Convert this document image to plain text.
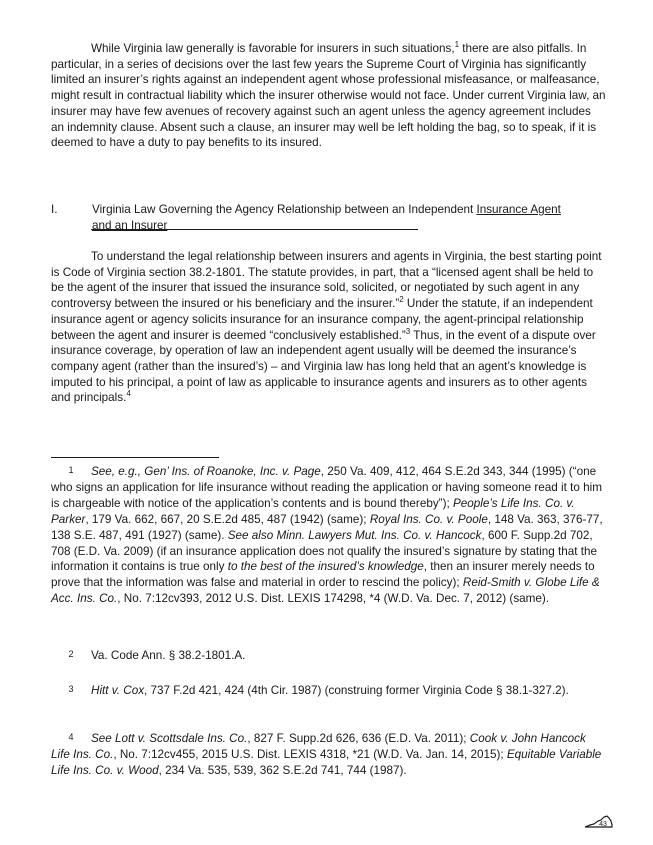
While Virginia law generally is favorable for insurers in such situations,$^1$ there are also pitfalls. In particular, in a series of decisions over the last few years the Supreme Court of Virginia has significantly limited an insurer’s rights against an independent agent whose professional misfeasance, or malfeasance, might result in contractual liability which the insurer otherwise would not face. Under current Virginia law, an insurer may have few avenues of recovery against such an agent unless the agency agreement includes an indemnity clause. Absent such a clause, an insurer may well be left holding the bag, so to speak, if it is deemed to have a duty to pay benefits to its insured.

I.	Virginia Law Governing the Agency Relationship between an Independent Insurance Agent and an Insurer

To understand the legal relationship between insurers and agents in Virginia, the best starting point is Code of Virginia section 38.2-1801. The statute provides, in part, that a “licensed agent shall be held to be the agent of the insurer that issued the insurance sold, solicited, or negotiated by such agent in any controversy between the insured or his beneficiary and the insurer.”$^2$ Under the statute, if an independent insurance agent or agency solicits insurance for an insurance company, the agent-principal relationship between the agent and insurer is deemed “conclusively established.”$^3$ Thus, in the event of a dispute over insurance coverage, by operation of law an independent agent usually will be deemed the insurance’s company agent (rather than the insured’s) – and Virginia law has long held that an agent’s knowledge is imputed to his principal, a point of law as applicable to insurance agents and insurers as to other agents and principals.$^4$

1 See, e.g., Gen’ Ins. of Roanoke, Inc. v. Page, 250 Va. 409, 412, 464 S.E.2d 343, 344 (1995) (“one who signs an application for life insurance without reading the application or having someone read it to him is chargeable with notice of the application’s contents and is bound thereby”); People’s Life Ins. Co. v. Parker, 179 Va. 662, 667, 20 S.E.2d 485, 487 (1942) (same); Royal Ins. Co. v. Poole, 148 Va. 363, 376-77, 138 S.E. 487, 491 (1927) (same). See also Minn. Lawyers Mut. Ins. Co. v. Hancock, 600 F. Supp.2d 702, 708 (E.D. Va. 2009) (if an insurance application does not qualify the insured’s signature by stating that the information it contains is true only to the best of the insured’s knowledge, then an insurer merely needs to prove that the information was false and material in order to rescind the policy); Reid-Smith v. Globe Life & Acc. Ins. Co., No. 7:12cv393, 2012 U.S. Dist. LEXIS 174298, *4 (W.D. Va. Dec. 7, 2012) (same).

2 Va. Code Ann. § 38.2-1801.A.

3 Hitt v. Cox, 737 F.2d 421, 424 (4th Cir. 1987) (construing former Virginia Code § 38.1-327.2).

4 See Lott v. Scottsdale Ins. Co., 827 F. Supp.2d 626, 636 (E.D. Va. 2011); Cook v. John Hancock Life Ins. Co., No. 7:12cv455, 2015 U.S. Dist. LEXIS 4318, *21 (W.D. Va. Jan. 14, 2015); Equitable Variable Life Ins. Co. v. Wood, 234 Va. 535, 539, 362 S.E.2d 741, 744 (1987).

43
